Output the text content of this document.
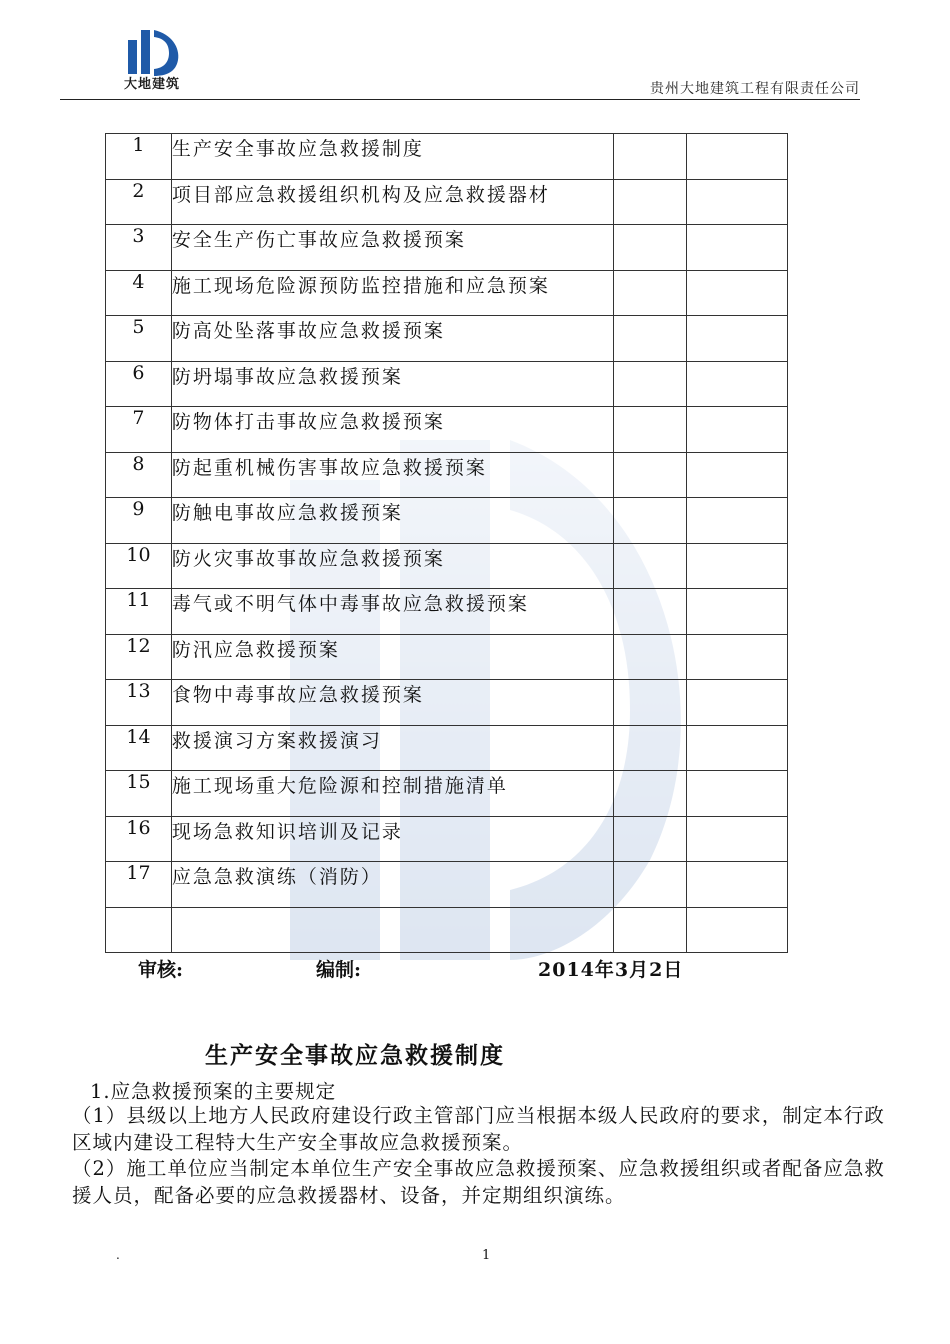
大地建筑	贵州大地建筑工程有限责任公司
1	生产安全事故应急救援制度		
2	项目部应急救援组织机构及应急救援器材		
3	安全生产伤亡事故应急救援预案		
4	施工现场危险源预防监控措施和应急预案		
5	防高处坠落事故应急救援预案		
6	防坍塌事故应急救援预案		
7	防物体打击事故应急救援预案		
8	防起重机械伤害事故应急救援预案		
9	防触电事故应急救援预案		
10	防火灾事故事故应急救援预案		
11	毒气或不明气体中毒事故应急救援预案		
12	防汛应急救援预案		
13	食物中毒事故应急救援预案		
14	救援演习方案救援演习		
15	施工现场重大危险源和控制措施清单		
16	现场急救知识培训及记录		
17	应急急救演练（消防）		

审核:	编制:	2014年3月2日
生产安全事故应急救援制度
1.应急救援预案的主要规定
（1）县级以上地方人民政府建设行政主管部门应当根据本级人民政府的要求，制定本行政区域内建设工程特大生产安全事故应急救援预案。
（2）施工单位应当制定本单位生产安全事故应急救援预案、应急救援组织或者配备应急救援人员，配备必要的应急救援器材、设备，并定期组织演练。
.	1
